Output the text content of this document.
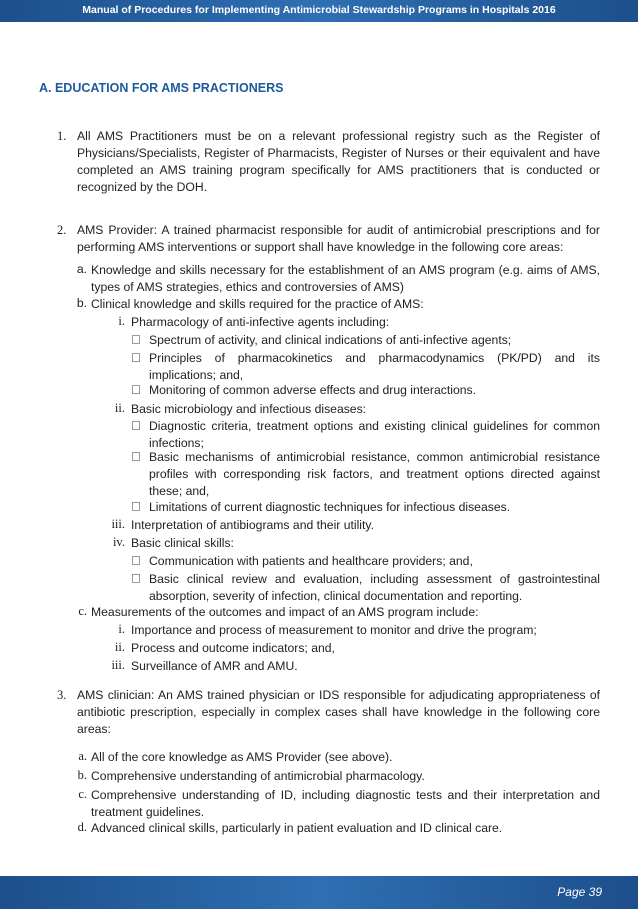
Manual of Procedures for Implementing Antimicrobial Stewardship Programs in Hospitals 2016
A. EDUCATION FOR AMS PRACTIONERS
1. All AMS Practitioners must be on a relevant professional registry such as the Register of Physicians/Specialists, Register of Pharmacists, Register of Nurses or their equivalent and have completed an AMS training program specifically for AMS practitioners that is conducted or recognized by the DOH.
2. AMS Provider: A trained pharmacist responsible for audit of antimicrobial prescriptions and for performing AMS interventions or support shall have knowledge in the following core areas:
a. Knowledge and skills necessary for the establishment of an AMS program (e.g. aims of AMS, types of AMS strategies, ethics and controversies of AMS)
b. Clinical knowledge and skills required for the practice of AMS:
i. Pharmacology of anti-infective agents including:
Spectrum of activity, and clinical indications of anti-infective agents;
Principles of pharmacokinetics and pharmacodynamics (PK/PD) and its implications; and,
Monitoring of common adverse effects and drug interactions.
ii. Basic microbiology and infectious diseases:
Diagnostic criteria, treatment options and existing clinical guidelines for common infections;
Basic mechanisms of antimicrobial resistance, common antimicrobial resistance profiles with corresponding risk factors, and treatment options directed against these; and,
Limitations of current diagnostic techniques for infectious diseases.
iii. Interpretation of antibiograms and their utility.
iv. Basic clinical skills:
Communication with patients and healthcare providers; and,
Basic clinical review and evaluation, including assessment of gastrointestinal absorption, severity of infection, clinical documentation and reporting.
c. Measurements of the outcomes and impact of an AMS program include:
i. Importance and process of measurement to monitor and drive the program;
ii. Process and outcome indicators; and,
iii. Surveillance of AMR and AMU.
3. AMS clinician: An AMS trained physician or IDS responsible for adjudicating appropriateness of antibiotic prescription, especially in complex cases shall have knowledge in the following core areas:
a. All of the core knowledge as AMS Provider (see above).
b. Comprehensive understanding of antimicrobial pharmacology.
c. Comprehensive understanding of ID, including diagnostic tests and their interpretation and treatment guidelines.
d. Advanced clinical skills, particularly in patient evaluation and ID clinical care.
Page 39
